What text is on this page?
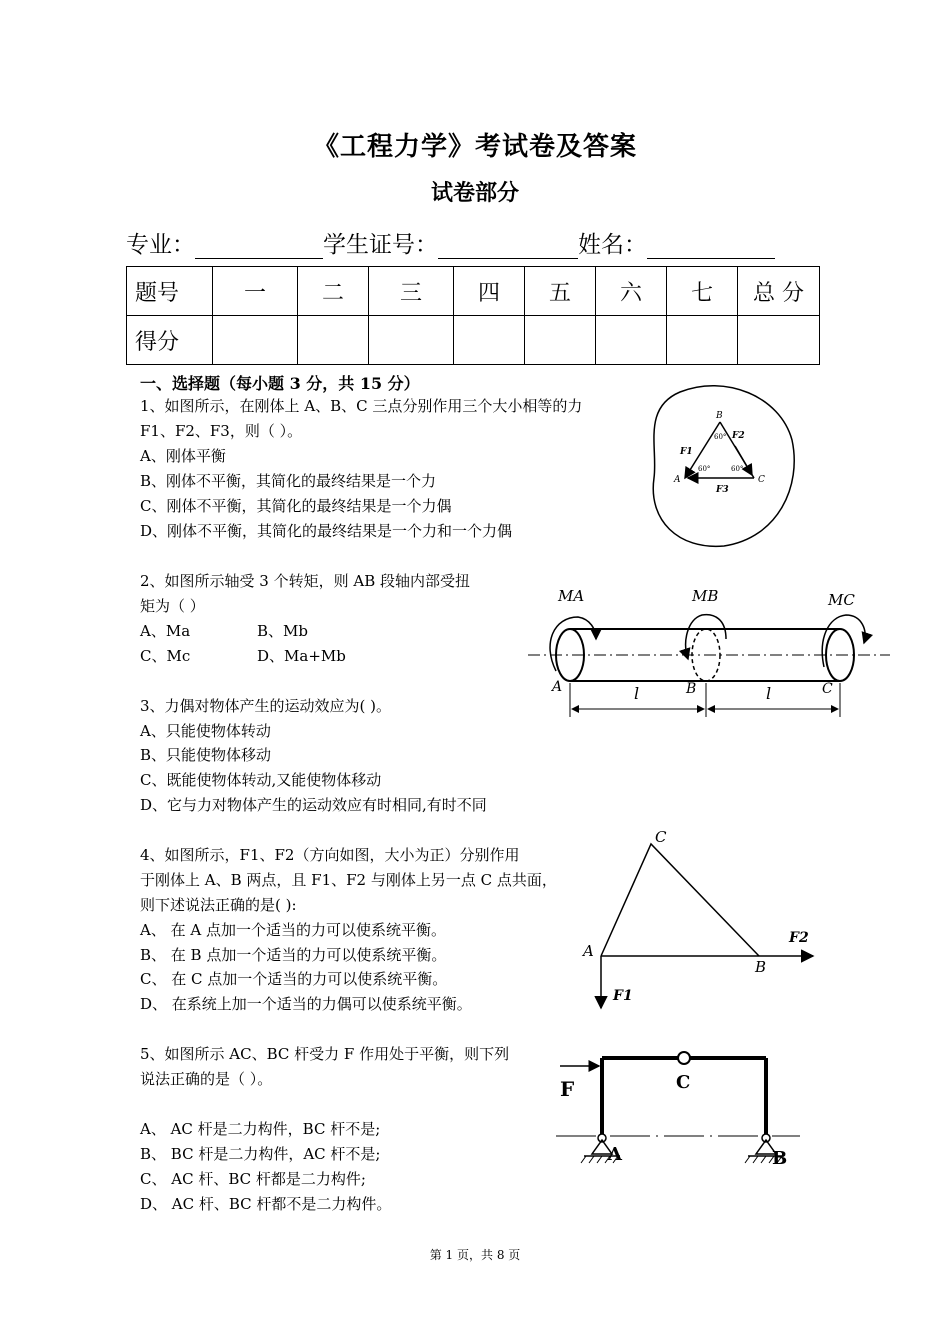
《工程力学》考试卷及答案
试卷部分
专业：	学生证号：	姓名：
题号	一	二	三	四	五	六	七	总 分
得分								
一、选择题（每小题 3 分，共 15 分）
1、如图所示，在刚体上 A、B、C 三点分别作用三个大小相等的力
F1、F2、F3，则（ ）。
A、刚体平衡
B、刚体不平衡，其简化的最终结果是一个力
C、刚体不平衡，其简化的最终结果是一个力偶
D、刚体不平衡，其简化的最终结果是一个力和一个力偶
2、如图所示轴受 3 个转矩，则 AB 段轴内部受扭
矩为（ ）
A、Ma	B、Mb
C、Mc	D、Ma+Mb
3、力偶对物体产生的运动效应为( )。
A、只能使物体转动
B、只能使物体移动
C、既能使物体转动,又能使物体移动
D、它与力对物体产生的运动效应有时相同,有时不同
4、如图所示，F1、F2（方向如图，大小为正）分别作用
于刚体上 A、B 两点，且 F1、F2 与刚体上另一点 C 点共面，
则下述说法正确的是( ):
A、 在 A 点加一个适当的力可以使系统平衡。
B、 在 B 点加一个适当的力可以使系统平衡。
C、 在 C 点加一个适当的力可以使系统平衡。
D、 在系统上加一个适当的力偶可以使系统平衡。
5、如图所示 AC、BC 杆受力 F 作用处于平衡，则下列
说法正确的是（ ）。
A、 AC 杆是二力构件，BC 杆不是;
B、 BC 杆是二力构件，AC 杆不是;
C、 AC 杆、BC 杆都是二力构件;
D、 AC 杆、BC 杆都不是二力构件。
B
A	C
F1
F2
F3
60°
60°	60°
MA	MB	MC
A	B	C
l	l
A
B
C
F2
F1
F	C
A	B
第 1 页，共 8 页
